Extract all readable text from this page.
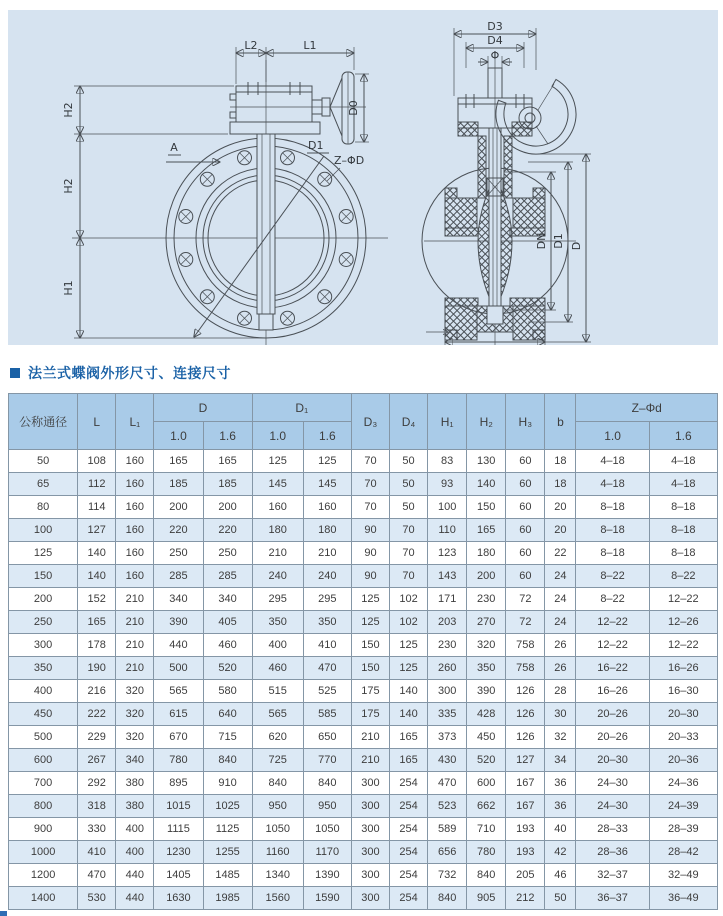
D0
L2	L1
H2
H2
H1
A	D1
Z–ΦD
D3
D4
Φ
DN D1 D
法兰式蝶阀外形尺寸、连接尺寸
公称通径	L	L₁	D		D₁		D₃	D₄	H₁	H₂	H₃	b	Z–Φd	
			1.0	1.6	1.0	1.6							1.0	1.6
50	108	160	165	165	125	125	70	50	83	130	60	18	4–18	4–18
65	112	160	185	185	145	145	70	50	93	140	60	18	4–18	4–18
80	114	160	200	200	160	160	70	50	100	150	60	20	8–18	8–18
100	127	160	220	220	180	180	90	70	110	165	60	20	8–18	8–18
125	140	160	250	250	210	210	90	70	123	180	60	22	8–18	8–18
150	140	160	285	285	240	240	90	70	143	200	60	24	8–22	8–22
200	152	210	340	340	295	295	125	102	171	230	72	24	8–22	12–22
250	165	210	390	405	350	350	125	102	203	270	72	24	12–22	12–26
300	178	210	440	460	400	410	150	125	230	320	758	26	12–22	12–22
350	190	210	500	520	460	470	150	125	260	350	758	26	16–22	16–26
400	216	320	565	580	515	525	175	140	300	390	126	28	16–26	16–30
450	222	320	615	640	565	585	175	140	335	428	126	30	20–26	20–30
500	229	320	670	715	620	650	210	165	373	450	126	32	20–26	20–33
600	267	340	780	840	725	770	210	165	430	520	127	34	20–30	20–36
700	292	380	895	910	840	840	300	254	470	600	167	36	24–30	24–36
800	318	380	1015	1025	950	950	300	254	523	662	167	36	24–30	24–39
900	330	400	1115	1125	1050	1050	300	254	589	710	193	40	28–33	28–39
1000	410	400	1230	1255	1160	1170	300	254	656	780	193	42	28–36	28–42
1200	470	440	1405	1485	1340	1390	300	254	732	840	205	46	32–37	32–49
1400	530	440	1630	1985	1560	1590	300	254	840	905	212	50	36–37	36–49
